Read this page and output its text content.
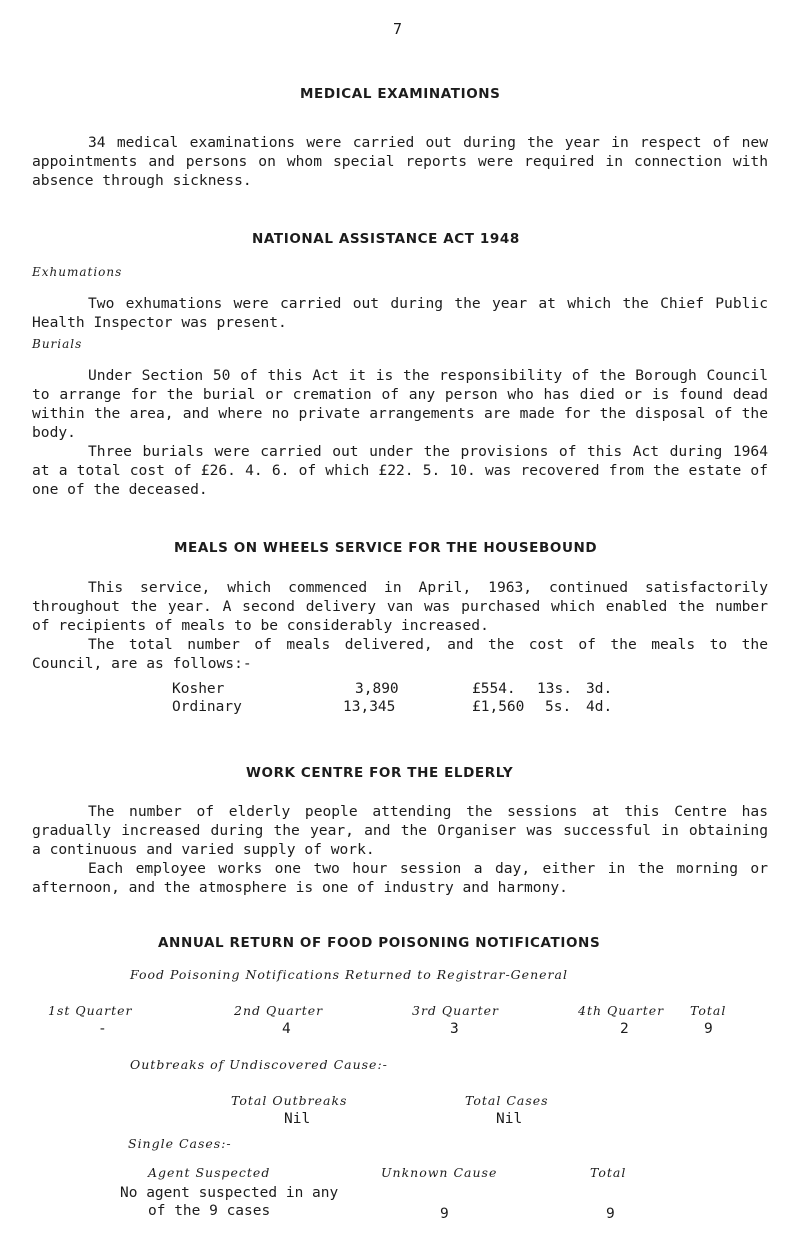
7
MEDICAL EXAMINATIONS

34 medical examinations were carried out during the year in respect of new appointments and persons on whom special reports were required in connection with absence through sickness.

NATIONAL ASSISTANCE ACT 1948
Exhumations

Two exhumations were carried out during the year at which the Chief Public Health Inspector was present.

Burials

Under Section 50 of this Act it is the responsibility of the Borough Council to arrange for the burial or cremation of any person who has died or is found dead within the area, and where no private arrangements are made for the disposal of the body.

Three burials were carried out under the provisions of this Act during 1964 at a total cost of £26. 4. 6. of which £22. 5. 10. was recovered from the estate of one of the deceased.

MEALS ON WHEELS SERVICE FOR THE HOUSEBOUND

This service, which commenced in April, 1963, continued satisfactorily throughout the year. A second delivery van was purchased which enabled the number of recipients of meals to be considerably increased.

The total number of meals delivered, and the cost of the meals to the Council, are as follows:-

Kosher	3,890	£554. 13s. 3d.
Ordinary	13,345	£1,560 5s. 4d.
WORK CENTRE FOR THE ELDERLY

The number of elderly people attending the sessions at this Centre has gradually increased during the year, and the Organiser was successful in obtaining a continuous and varied supply of work.

Each employee works one two hour session a day, either in the morning or afternoon, and the atmosphere is one of industry and harmony.

ANNUAL RETURN OF FOOD POISONING NOTIFICATIONS
Food Poisoning Notifications Returned to Registrar-General
1st Quarter	2nd Quarter	3rd Quarter	4th Quarter Total
-	4	3	2	9
Outbreaks of Undiscovered Cause:-
Total Outbreaks	Total Cases
Nil	Nil
Single Cases:-
Agent Suspected	Unknown Cause	Total
No agent suspected in any
of the 9 cases	9	9
